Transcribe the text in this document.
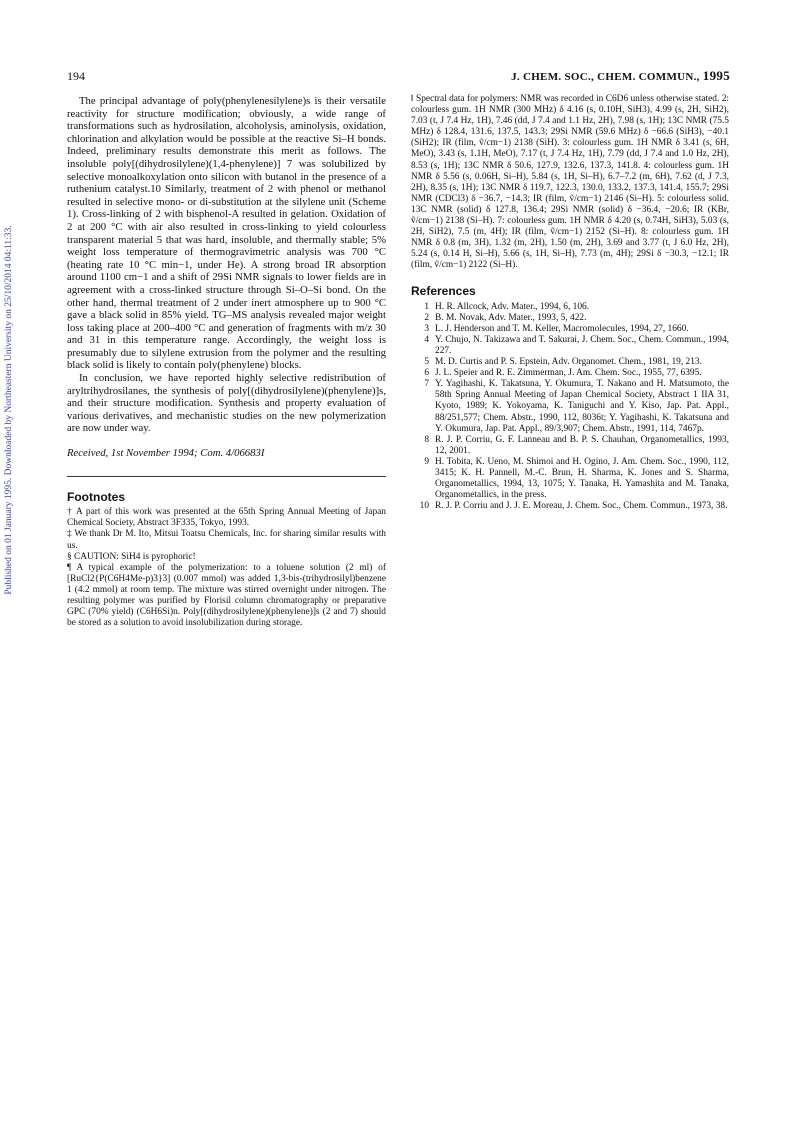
194	J. CHEM. SOC., CHEM. COMMUN., 1995
Published on 01 January 1995. Downloaded by Northeastern University on 25/10/2014 04:11:33.

The principal advantage of poly(phenylenesilylene)s is their versatile reactivity for structure modification; obviously, a wide range of transformations such as hydrosilation, alcoholysis, aminolysis, oxidation, chlorination and alkylation would be possible at the reactive Si–H bonds. Indeed, preliminary results demonstrate this merit as follows. The insoluble poly[(dihydrosilylene)(1,4-phenylene)] 7 was solubilized by selective monoalkoxylation onto silicon with butanol in the presence of a ruthenium catalyst.10 Similarly, treatment of 2 with phenol or methanol resulted in selective mono- or di-substitution at the silylene unit (Scheme 1). Cross-linking of 2 with bisphenol-A resulted in gelation. Oxidation of 2 at 200 °C with air also resulted in cross-linking to yield colourless transparent material 5 that was hard, insoluble, and thermally stable; 5% weight loss temperature of thermogravimetric analysis was 700 °C (heating rate 10 °C min−1, under He). A strong broad IR absorption around 1100 cm−1 and a shift of 29Si NMR signals to lower fields are in agreement with a cross-linked structure through Si–O–Si bond. On the other hand, thermal treatment of 2 under inert atmosphere up to 900 °C gave a black solid in 85% yield. TG–MS analysis revealed major weight loss taking place at 200–400 °C and generation of fragments with m/z 30 and 31 in this temperature range. Accordingly, the weight loss is presumably due to silylene extrusion from the polymer and the resulting black solid is likely to contain poly(phenylene) blocks.

In conclusion, we have reported highly selective redistribution of aryltrihydrosilanes, the synthesis of poly[(dihydrosilylene)(phenylene)]s, and their structure modification. Synthesis and property evaluation of various derivatives, and mechanistic studies on the new polymerization are now under way.

Received, 1st November 1994; Com. 4/06683I

Footnotes

† A part of this work was presented at the 65th Spring Annual Meeting of Japan Chemical Society, Abstract 3F335, Tokyo, 1993.

‡ We thank Dr M. Ito, Mitsui Toatsu Chemicals, Inc. for sharing similar results with us.

§ CAUTION: SiH4 is pyrophoric!

¶ A typical example of the polymerization: to a toluene solution (2 ml) of [RuCl2{P(C6H4Me-p)3}3] (0.007 mmol) was added 1,3-bis-(trihydrosilyl)benzene 1 (4.2 mmol) at room temp. The mixture was stirred overnight under nitrogen. The resulting polymer was purified by Florisil column chromatography or preparative GPC (70% yield) (C6H6Si)n. Poly[(dihydrosilylene)(phenylene)]s (2 and 7) should be stored as a solution to avoid insolubilization during storage.

‖ Spectral data for polymers: NMR was recorded in C6D6 unless otherwise stated. 2: colourless gum. 1H NMR (300 MHz) δ 4.16 (s, 0.10H, SiH3), 4.99 (s, 2H, SiH2), 7.03 (t, J 7.4 Hz, 1H), 7.46 (dd, J 7.4 and 1.1 Hz, 2H), 7.98 (s, 1H); 13C NMR (75.5 MHz) δ 128.4, 131.6, 137.5, 143.3; 29Si NMR (59.6 MHz) δ −66.6 (SiH3), −40.1 (SiH2); IR (film, ṽ/cm−1) 2138 (SiH). 3: colourless gum. 1H NMR δ 3.41 (s, 6H, MeO), 3.43 (s, 1.1H, MeO), 7.17 (t, J 7.4 Hz, 1H), 7.79 (dd, J 7.4 and 1.0 Hz, 2H), 8.53 (s, 1H); 13C NMR δ 50.6, 127.9, 132.6, 137.3, 141.8. 4: colourless gum. 1H NMR δ 5.56 (s, 0.06H, Si–H), 5.84 (s, 1H, Si–H), 6.7–7.2 (m, 6H), 7.62 (d, J 7.3, 2H), 8.35 (s, 1H); 13C NMR δ 119.7, 122.3, 130.0, 133.2, 137.3, 141.4, 155.7; 29Si NMR (CDCl3) δ −36.7, −14.3; IR (film, ṽ/cm−1) 2146 (Si–H). 5: colourless solid. 13C NMR (solid) δ 127.8, 136.4; 29Si NMR (solid) δ −36.4, −20.6; IR (KBr, ṽ/cm−1) 2138 (Si–H). 7: colourless gum. 1H NMR δ 4.20 (s, 0.74H, SiH3), 5.03 (s, 2H, SiH2), 7.5 (m, 4H); IR (film, ṽ/cm−1) 2152 (Si–H). 8: colourless gum. 1H NMR δ 0.8 (m, 3H), 1.32 (m, 2H), 1.50 (m, 2H), 3.69 and 3.77 (t, J 6.0 Hz, 2H), 5.24 (s, 0.14 H, Si–H), 5.66 (s, 1H, Si–H), 7.73 (m, 4H); 29Si δ −30.3, −12.1; IR (film, ṽ/cm−1) 2122 (Si–H).

References
1 H. R. Allcock, Adv. Mater., 1994, 6, 106.
2 B. M. Novak, Adv. Mater., 1993, 5, 422.
3 L. J. Henderson and T. M. Keller, Macromolecules, 1994, 27, 1660.
4 Y. Chujo, N. Takizawa and T. Sakurai, J. Chem. Soc., Chem. Commun., 1994, 227.
5 M. D. Curtis and P. S. Epstein, Adv. Organomet. Chem., 1981, 19, 213.
6 J. L. Speier and R. E. Zimmerman, J. Am. Chem. Soc., 1955, 77, 6395.
7 Y. Yagihashi, K. Takatsuna, Y. Okumura, T. Nakano and H. Matsumoto, the 58th Spring Annual Meeting of Japan Chemical Society, Abstract 1 IIA 31, Kyoto, 1989; K. Yokoyama, K. Taniguchi and Y. Kiso, Jap. Pat. Appl., 88/251,577; Chem. Abstr., 1990, 112, 8036t; Y. Yagihashi, K. Takatsuna and Y. Okumura, Jap. Pat. Appl., 89/3,907; Chem. Abstr., 1991, 114, 7467p.
8 R. J. P. Corriu, G. F. Lanneau and B. P. S. Chauhan, Organometallics, 1993, 12, 2001.
9 H. Tobita, K. Ueno, M. Shimoi and H. Ogino, J. Am. Chem. Soc., 1990, 112, 3415; K. H. Pannell, M.-C. Brun, H. Sharma, K. Jones and S. Sharma, Organometallics, 1994, 13, 1075; Y. Tanaka, H. Yamashita and M. Tanaka, Organometallics, in the press.
10 R. J. P. Corriu and J. J. E. Moreau, J. Chem. Soc., Chem. Commun., 1973, 38.
